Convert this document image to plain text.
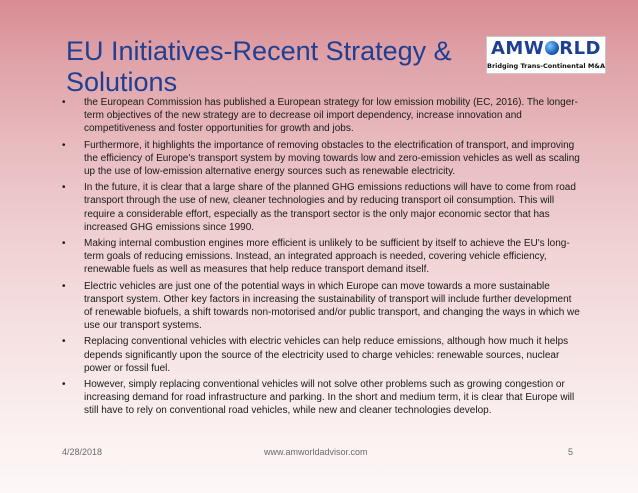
EU Initiatives-Recent Strategy & Solutions
AMW RLD
Bridging Trans-Continental M&A
• the European Commission has published a European strategy for low emission mobility (EC, 2016). The longer-term objectives of the new strategy are to decrease oil import dependency, increase innovation and competitiveness and foster opportunities for growth and jobs.
• Furthermore, it highlights the importance of removing obstacles to the electrification of transport, and improving the efficiency of Europe's transport system by moving towards low and zero-emission vehicles as well as scaling up the use of low-emission alternative energy sources such as renewable electricity.
• In the future, it is clear that a large share of the planned GHG emissions reductions will have to come from road transport through the use of new, cleaner technologies and by reducing transport oil consumption. This will require a considerable effort, especially as the transport sector is the only major economic sector that has increased GHG emissions since 1990.
• Making internal combustion engines more efficient is unlikely to be sufficient by itself to achieve the EU's long-term goals of reducing emissions. Instead, an integrated approach is needed, covering vehicle efficiency, renewable fuels as well as measures that help reduce transport demand itself.
• Electric vehicles are just one of the potential ways in which Europe can move towards a more sustainable transport system. Other key factors in increasing the sustainability of transport will include further development of renewable biofuels, a shift towards non-motorised and/or public transport, and changing the ways in which we use our transport systems.
• Replacing conventional vehicles with electric vehicles can help reduce emissions, although how much it helps depends significantly upon the source of the electricity used to charge vehicles: renewable sources, nuclear power or fossil fuel.
• However, simply replacing conventional vehicles will not solve other problems such as growing congestion or increasing demand for road infrastructure and parking. In the short and medium term, it is clear that Europe will still have to rely on conventional road vehicles, while new and cleaner technologies develop.
4/28/2018	www.amworldadvisor.com	5
